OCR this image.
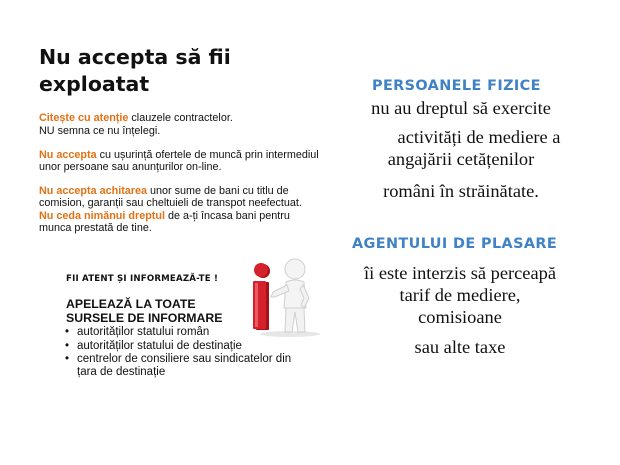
Nu accepta să fii
exploatat

Citește cu atenție clauzele contractelor.

NU semna ce nu înțelegi.

Nu accepta cu ușurință ofertele de muncă prin intermediul unor persoane sau anunțurilor on-line.

Nu accepta achitarea unor sume de bani cu titlu de comision, garanții sau cheltuieli de transpot neefectuat.

Nu ceda nimănui dreptul de a-ți încasa bani pentru munca prestată de tine.

FII ATENT ȘI INFORMEAZĂ-TE !
APELEAZĂ LA TOATE SURSELE DE INFORMARE
• autorităților statului român
• autorităților statului de destinație
• centrelor de consiliere sau sindicatelor din țara de destinație
i
PERSOANELE FIZICE
nu au dreptul să exercite
activități de mediere a
angajării cetățenilor
români în străinătate.
AGENTULUI DE PLASARE
îi este interzis să perceapă
tarif de mediere,
comisioane
sau alte taxe
